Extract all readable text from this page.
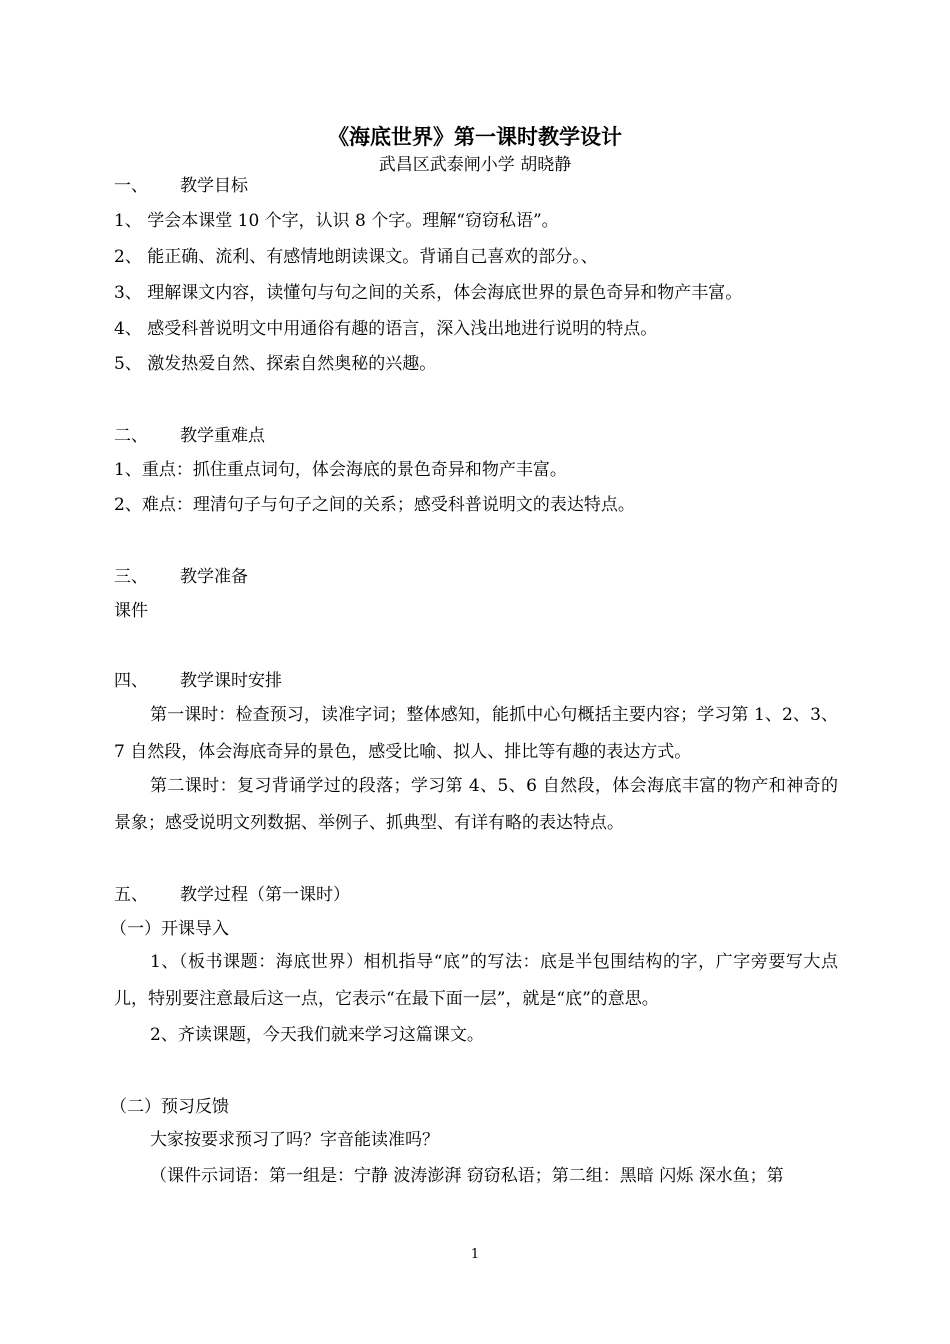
《海底世界》第一课时教学设计
武昌区武泰闸小学 胡晓静
一、 教学目标
1、 学会本课堂 10 个字，认识 8 个字。理解“窃窃私语”。
2、 能正确、流利、有感情地朗读课文。背诵自己喜欢的部分。、
3、 理解课文内容，读懂句与句之间的关系，体会海底世界的景色奇异和物产丰富。
4、 感受科普说明文中用通俗有趣的语言，深入浅出地进行说明的特点。
5、 激发热爱自然、探索自然奥秘的兴趣。
二、 教学重难点
1、重点：抓住重点词句，体会海底的景色奇异和物产丰富。
2、难点：理清句子与句子之间的关系；感受科普说明文的表达特点。
三、 教学准备
课件
四、 教学课时安排
第一课时：检查预习，读准字词；整体感知，能抓中心句概括主要内容；学习第 1、2、3、7 自然段，体会海底奇异的景色，感受比喻、拟人、排比等有趣的表达方式。
第二课时：复习背诵学过的段落；学习第 4、5、6 自然段，体会海底丰富的物产和神奇的景象；感受说明文列数据、举例子、抓典型、有详有略的表达特点。
五、 教学过程（第一课时）
（一）开课导入
1、（板书课题：海底世界）相机指导“底”的写法：底是半包围结构的字，广字旁要写大点儿，特别要注意最后这一点，它表示“在最下面一层”，就是“底”的意思。
2、齐读课题，今天我们就来学习这篇课文。
（二）预习反馈
大家按要求预习了吗？字音能读准吗？
（课件示词语：第一组是：宁静 波涛澎湃 窃窃私语；第二组：黑暗 闪烁 深水鱼；第
1
